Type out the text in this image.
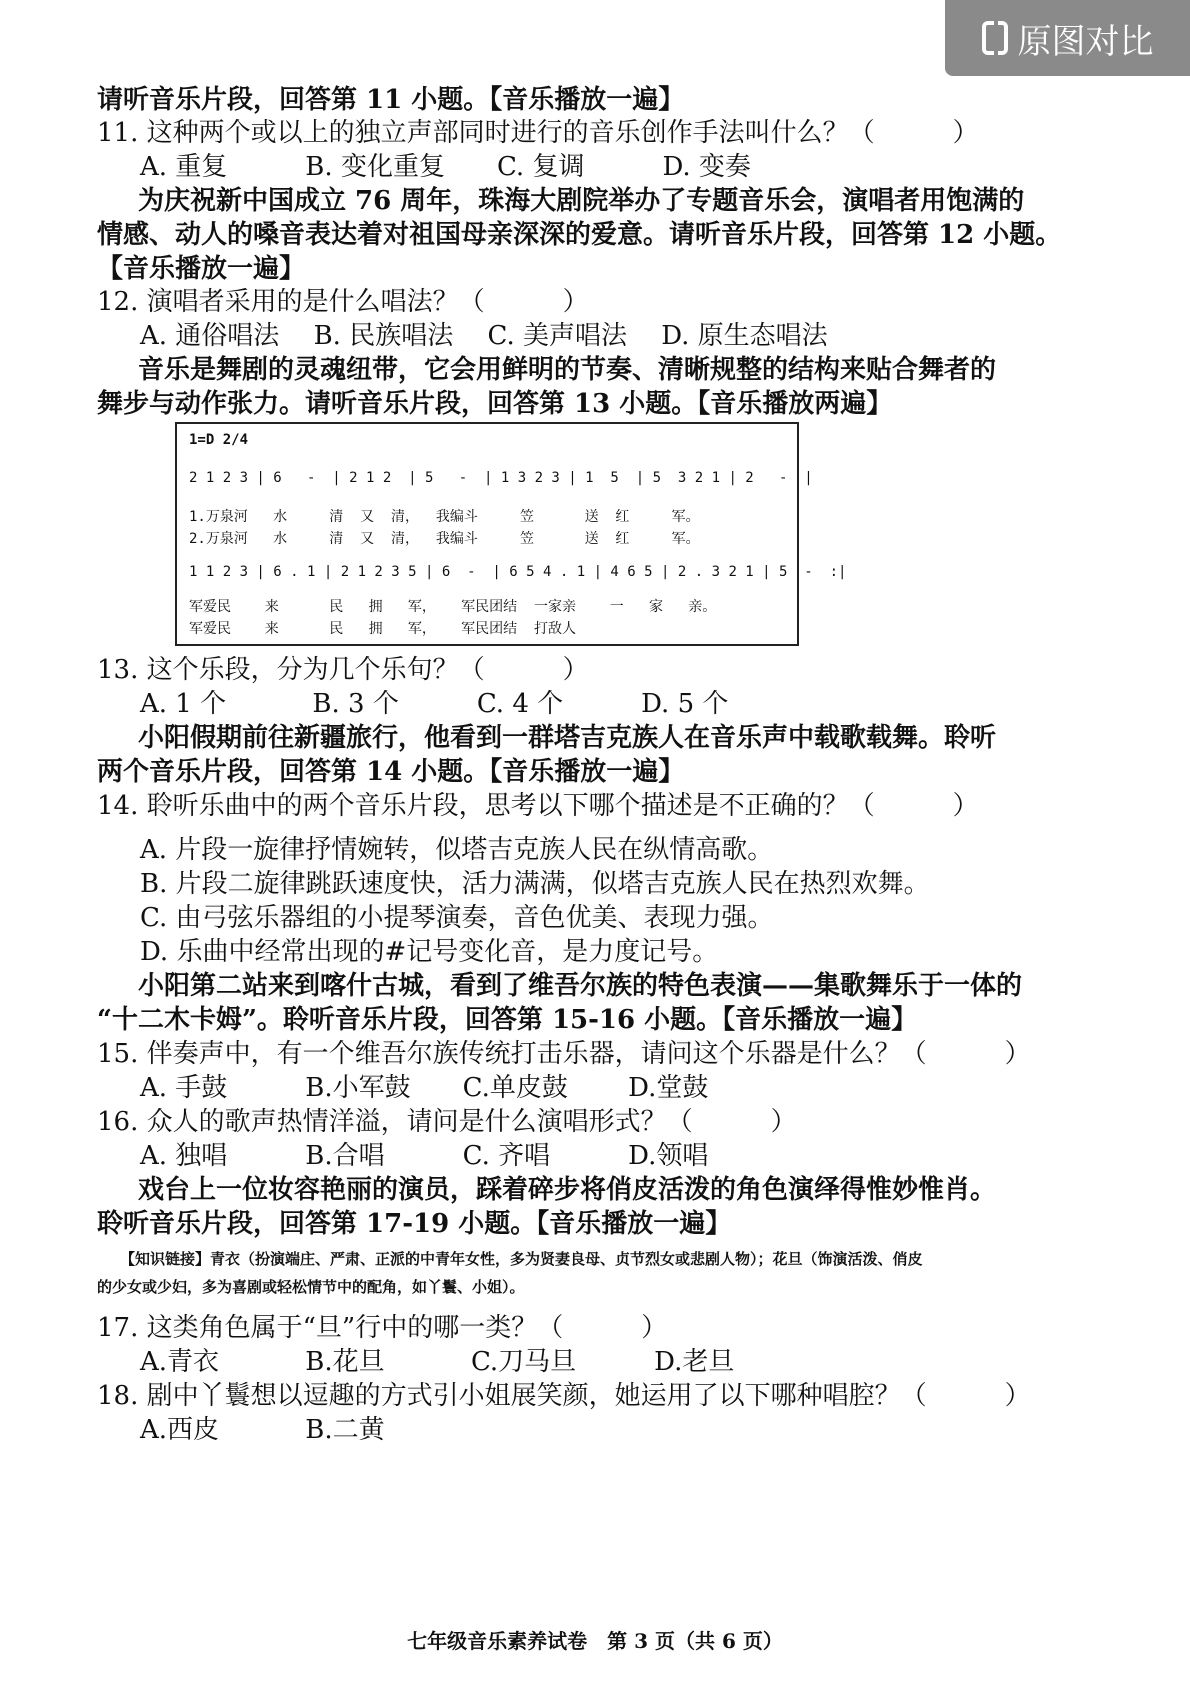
原图对比
请听音乐片段，回答第 11 小题。【音乐播放一遍】
11. 这种两个或以上的独立声部同时进行的音乐创作手法叫什么？（　　　）
A. 重复　　　B. 变化重复　　C. 复调　　　D. 变奏
为庆祝新中国成立 76 周年，珠海大剧院举办了专题音乐会，演唱者用饱满的
情感、动人的嗓音表达着对祖国母亲深深的爱意。请听音乐片段，回答第 12 小题。
【音乐播放一遍】
12. 演唱者采用的是什么唱法？（　　　）
A. 通俗唱法　 B. 民族唱法　 C. 美声唱法　 D. 原生态唱法
音乐是舞剧的灵魂纽带，它会用鲜明的节奏、清晰规整的结构来贴合舞者的
舞步与动作张力。请听音乐片段，回答第 13 小题。【音乐播放两遍】
13. 这个乐段，分为几个乐句？（　　　）
A. 1 个　　　 B. 3 个　　　C. 4 个　　　D. 5 个
小阳假期前往新疆旅行，他看到一群塔吉克族人在音乐声中载歌载舞。聆听
两个音乐片段，回答第 14 小题。【音乐播放一遍】
14. 聆听乐曲中的两个音乐片段，思考以下哪个描述是不正确的？（　　　）
A. 片段一旋律抒情婉转，似塔吉克族人民在纵情高歌。
B. 片段二旋律跳跃速度快，活力满满，似塔吉克族人民在热烈欢舞。
C. 由弓弦乐器组的小提琴演奏，音色优美、表现力强。
D. 乐曲中经常出现的#记号变化音，是力度记号。
小阳第二站来到喀什古城，看到了维吾尔族的特色表演——集歌舞乐于一体的
“十二木卡姆”。聆听音乐片段，回答第 15-16 小题。【音乐播放一遍】
15. 伴奏声中，有一个维吾尔族传统打击乐器，请问这个乐器是什么？（　　　）
A. 手鼓　　　B.小军鼓　　C.单皮鼓　　 D.堂鼓
16. 众人的歌声热情洋溢，请问是什么演唱形式？（　　　）
A. 独唱　　　B.合唱　　　C. 齐唱　　　D.领唱
戏台上一位妆容艳丽的演员，踩着碎步将俏皮活泼的角色演绎得惟妙惟肖。
聆听音乐片段，回答第 17-19 小题。【音乐播放一遍】
17. 这类角色属于“旦”行中的哪一类？（　　　）
A.青衣　　　 B.花旦　　　 C.刀马旦　　　D.老旦
18. 剧中丫鬟想以逗趣的方式引小姐展笑颜，她运用了以下哪种唱腔？（　　　）
A.西皮　　　 B.二黄
【知识链接】青衣（扮演端庄、严肃、正派的中青年女性，多为贤妻良母、贞节烈女或悲剧人物）；花旦（饰演活泼、俏皮
的少女或少妇，多为喜剧或轻松情节中的配角，如丫鬟、小姐）。
1=D 2/4
2 1 2 3 | 6   -  | 2 1 2  | 5   -  | 1 3 2 3 | 1  5  | 5  3 2 1 | 2   -  |
1.万泉河   水     清  又  清，  我编斗     笠      送  红     军。
2.万泉河   水     清  又  清，  我编斗     笠      送  红     军。
1 1 2 3 | 6 . 1 | 2 1 2 3 5 | 6  -  | 6 5 4 . 1 | 4 6 5 | 2 . 3 2 1 | 5  -  :|
军爱民    来      民   拥   军，   军民团结  一家亲    一   家   亲。
军爱民    来      民   拥   军，   军民团结  打敌人
七年级音乐素养试卷　第 3 页（共 6 页）
